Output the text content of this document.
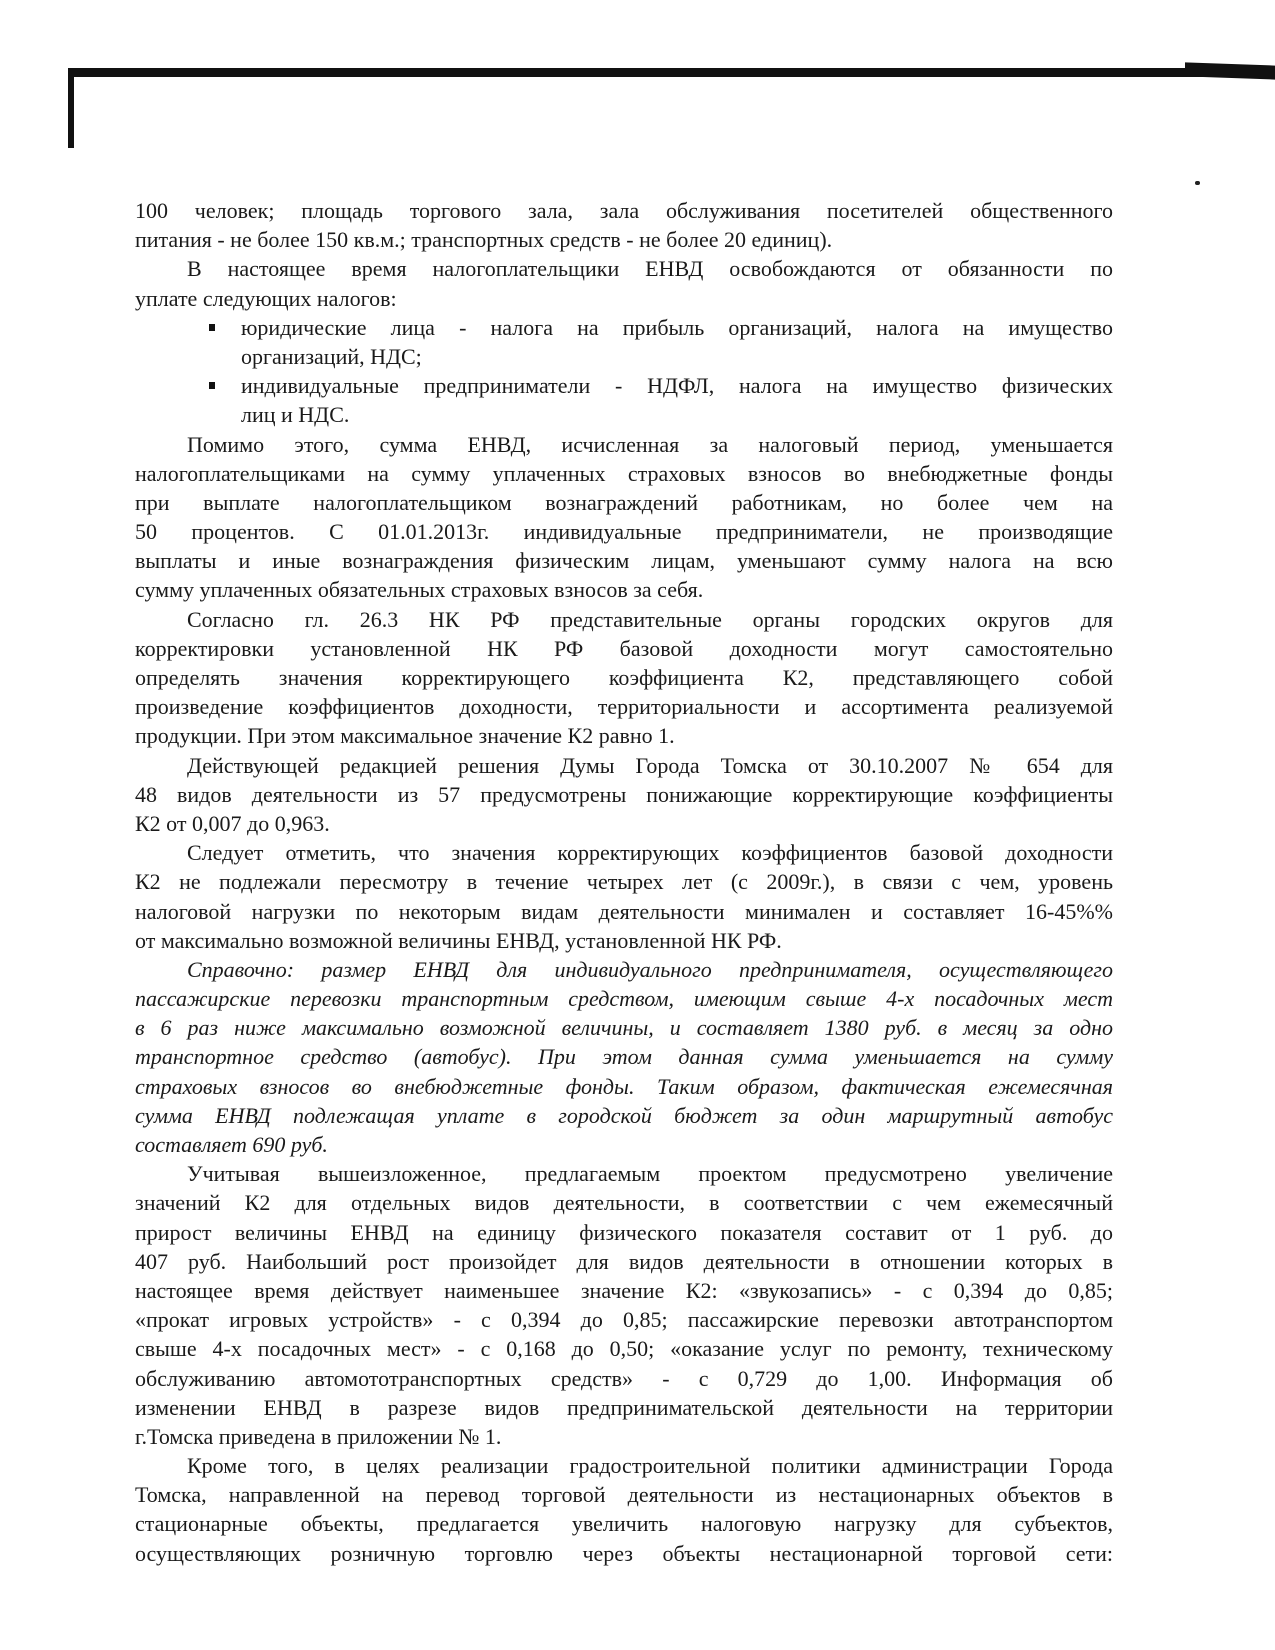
100 человек; площадь торгового зала, зала обслуживания посетителей общественного
питания - не более 150 кв.м.; транспортных средств - не более 20 единиц).
В настоящее время налогоплательщики ЕНВД освобождаются от обязанности по
уплате следующих налогов:
юридические лица - налога на прибыль организаций, налога на имущество
организаций, НДС;
индивидуальные предприниматели - НДФЛ, налога на имущество физических
лиц и НДС.
Помимо этого, сумма ЕНВД, исчисленная за налоговый период, уменьшается
налогоплательщиками на сумму уплаченных страховых взносов во внебюджетные фонды
при выплате налогоплательщиком вознаграждений работникам, но более чем на
50 процентов. С 01.01.2013г. индивидуальные предприниматели, не производящие
выплаты и иные вознаграждения физическим лицам, уменьшают сумму налога на всю
сумму уплаченных обязательных страховых взносов за себя.
Согласно гл. 26.3 НК РФ представительные органы городских округов для
корректировки установленной НК РФ базовой доходности могут самостоятельно
определять значения корректирующего коэффициента К2, представляющего собой
произведение коэффициентов доходности, территориальности и ассортимента реализуемой
продукции. При этом максимальное значение К2 равно 1.
Действующей редакцией решения Думы Города Томска от 30.10.2007 № 654 для
48 видов деятельности из 57 предусмотрены понижающие корректирующие коэффициенты
К2 от 0,007 до 0,963.
Следует отметить, что значения корректирующих коэффициентов базовой доходности
К2 не подлежали пересмотру в течение четырех лет (с 2009г.), в связи с чем, уровень
налоговой нагрузки по некоторым видам деятельности минимален и составляет 16-45%%
от максимально возможной величины ЕНВД, установленной НК РФ.
Справочно: размер ЕНВД для индивидуального предпринимателя, осуществляющего
пассажирские перевозки транспортным средством, имеющим свыше 4-х посадочных мест
в 6 раз ниже максимально возможной величины, и составляет 1380 руб. в месяц за одно
транспортное средство (автобус). При этом данная сумма уменьшается на сумму
страховых взносов во внебюджетные фонды. Таким образом, фактическая ежемесячная
сумма ЕНВД подлежащая уплате в городской бюджет за один маршрутный автобус
составляет 690 руб.
Учитывая вышеизложенное, предлагаемым проектом предусмотрено увеличение
значений К2 для отдельных видов деятельности, в соответствии с чем ежемесячный
прирост величины ЕНВД на единицу физического показателя составит от 1 руб. до
407 руб. Наибольший рост произойдет для видов деятельности в отношении которых в
настоящее время действует наименьшее значение К2: «звукозапись» - с 0,394 до 0,85;
«прокат игровых устройств» - с 0,394 до 0,85; пассажирские перевозки автотранспортом
свыше 4-х посадочных мест» - с 0,168 до 0,50; «оказание услуг по ремонту, техническому
обслуживанию автомототранспортных средств» - с 0,729 до 1,00. Информация об
изменении ЕНВД в разрезе видов предпринимательской деятельности на территории
г.Томска приведена в приложении № 1.
Кроме того, в целях реализации градостроительной политики администрации Города
Томска, направленной на перевод торговой деятельности из нестационарных объектов в
стационарные объекты, предлагается увеличить налоговую нагрузку для субъектов,
осуществляющих розничную торговлю через объекты нестационарной торговой сети:
